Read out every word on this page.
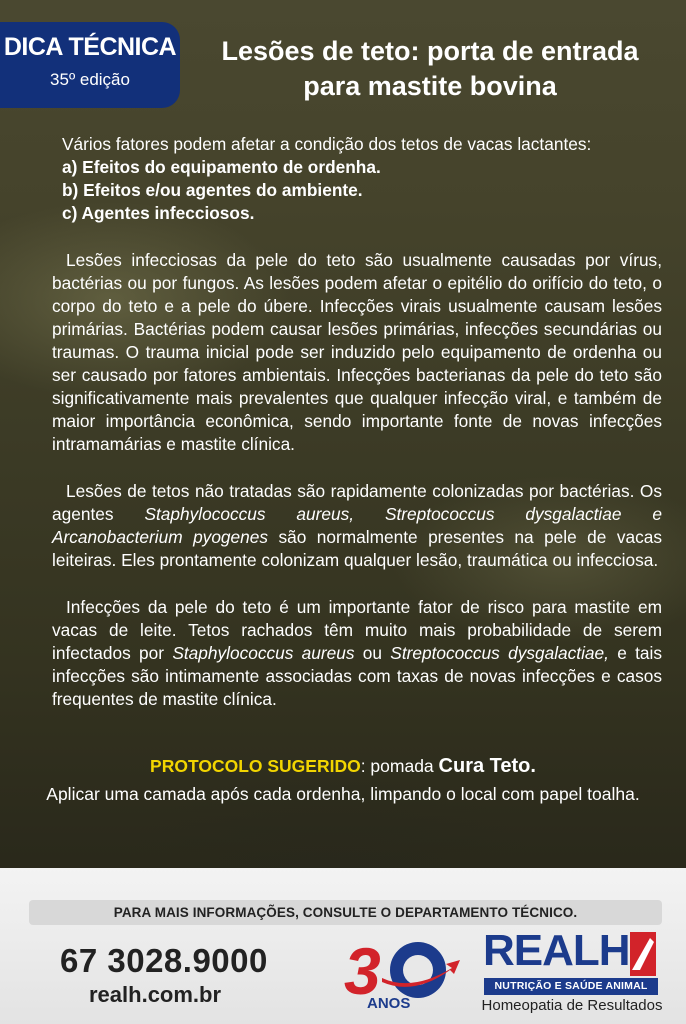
DICA TÉCNICA
35º edição
Lesões de teto: porta de entrada
para mastite bovina
Vários fatores podem afetar a condição dos tetos de vacas lactantes:
a) Efeitos do equipamento de ordenha.
b) Efeitos e/ou agentes do ambiente.
c) Agentes infecciosos.

Lesões infecciosas da pele do teto são usualmente causadas por vírus, bactérias ou por fungos. As lesões podem afetar o epitélio do orifício do teto, o corpo do teto e a pele do úbere. Infecções virais usualmente causam lesões primárias. Bactérias podem causar lesões primárias, infecções secundárias ou traumas. O trauma inicial pode ser induzido pelo equipamento de ordenha ou ser causado por fatores ambientais. Infecções bacterianas da pele do teto são significativamente mais prevalentes que qualquer infecção viral, e também de maior importância econômica, sendo importante fonte de novas infecções intramamárias e mastite clínica.

Lesões de tetos não tratadas são rapidamente colonizadas por bactérias. Os agentes Staphylococcus aureus, Streptococcus dysgalactiae e Arcanobacterium pyogenes são normalmente presentes na pele de vacas leiteiras. Eles prontamente colonizam qualquer lesão, traumática ou infecciosa.

Infecções da pele do teto é um importante fator de risco para mastite em vacas de leite. Tetos rachados têm muito mais probabilidade de serem infectados por Staphylococcus aureus ou Streptococcus dysgalactiae, e tais infecções são intimamente associadas com taxas de novas infecções e casos frequentes de mastite clínica.

PROTOCOLO SUGERIDO: pomada Cura Teto.
Aplicar uma camada após cada ordenha, limpando o local com papel toalha.
PARA MAIS INFORMAÇÕES, CONSULTE O DEPARTAMENTO TÉCNICO.
67 3028.9000
realh.com.br 3
ANOS
REALH
NUTRIÇÃO E SAÚDE ANIMAL
Homeopatia de Resultados
